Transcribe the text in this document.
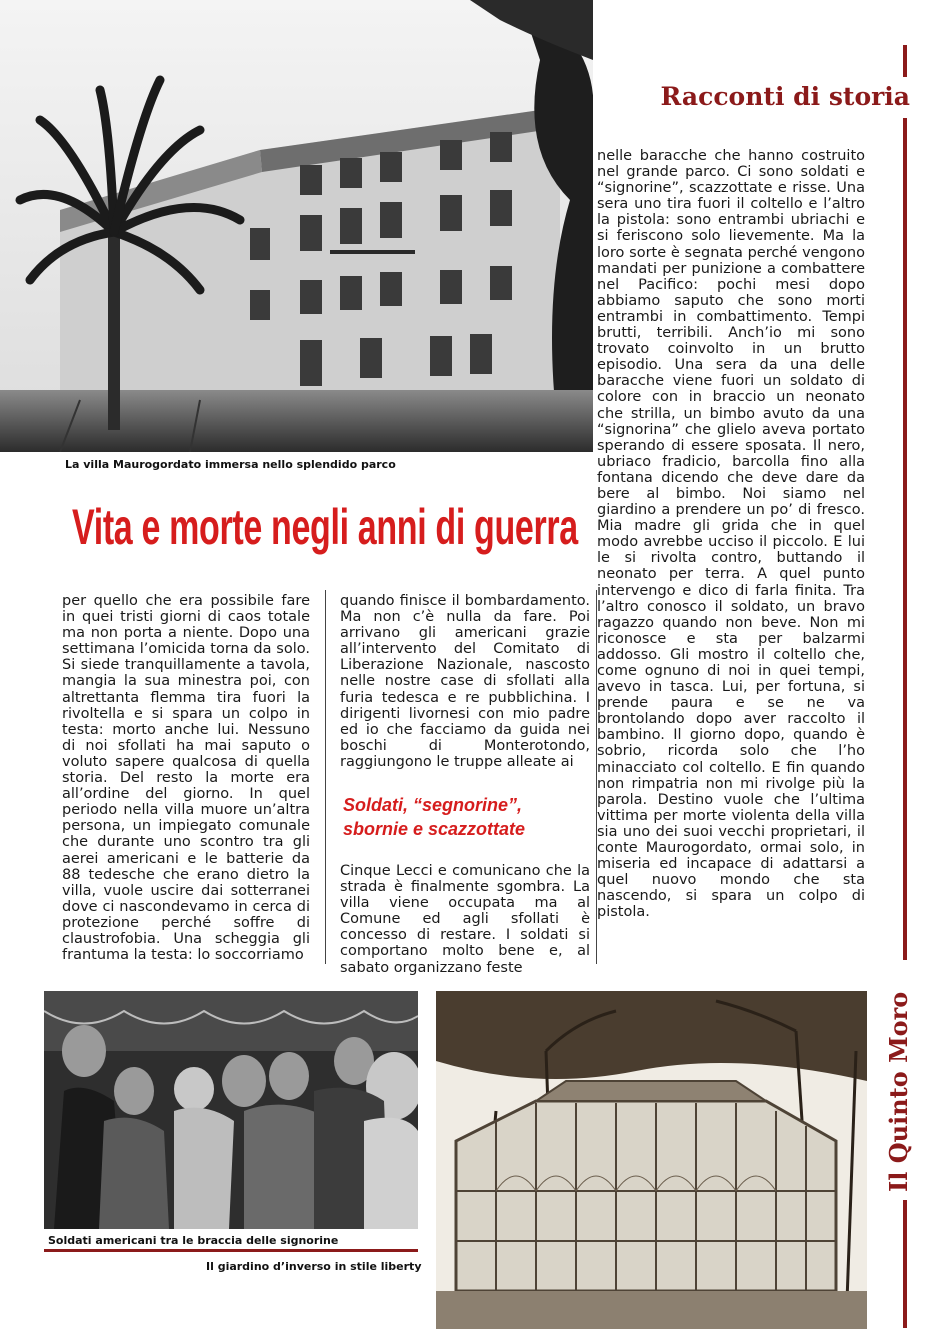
La villa Maurogordato immersa nello splendido parco
Racconti di storia
Il Quinto Moro
Vita e morte negli anni di guerra
per quello che era possibile fare in quei tristi giorni di caos totale ma non porta a niente. Dopo una settimana l’omicida torna da solo. Si siede tranquillamente a tavola, mangia la sua minestra poi, con altrettanta flemma tira fuori la rivoltella e si spara un colpo in testa: morto anche lui. Nessuno di noi sfollati ha mai saputo o voluto sapere qualcosa di quella storia. Del resto la morte era all’ordine del giorno. In quel periodo nella villa muore un’altra persona, un impiegato comunale che durante uno scontro tra gli aerei americani e le batterie da 88 tedesche che erano dietro la villa, vuole uscire dai sotterranei dove ci nascondevamo in cerca di protezione perché soffre di claustrofobia. Una scheggia gli frantuma la testa: lo soccorriamo
quando finisce il bombardamento. Ma non c’è nulla da fare. Poi arrivano gli americani grazie all’intervento del Comitato di Liberazione Nazionale, nascosto nelle nostre case di sfollati alla furia tedesca e re pubblichina. I dirigenti livornesi con mio padre ed io che facciamo da guida nei boschi di Monterotondo, raggiungono le truppe alleate ai
Soldati, “segnorine”,
sbornie e scazzottate
Cinque Lecci e comunicano che la strada è finalmente sgombra. La villa viene occupata ma al Comune ed agli sfollati è concesso di restare. I soldati si comportano molto bene e, al sabato organizzano feste
nelle baracche che hanno costruito nel grande parco. Ci sono soldati e “signorine”, scazzottate e risse. Una sera uno tira fuori il coltello e l’altro la pistola: sono entrambi ubriachi e si feriscono solo lievemente. Ma la loro sorte è segnata perché vengono mandati per punizione a combattere nel Pacifico: pochi mesi dopo abbiamo saputo che sono morti entrambi in combattimento. Tempi brutti, terribili. Anch’io mi sono trovato coinvolto in un brutto episodio. Una sera da una delle baracche viene fuori un soldato di colore con in braccio un neonato che strilla, un bimbo avuto da una “signorina” che glielo aveva portato sperando di essere sposata. Il nero, ubriaco fradicio, barcolla fino alla fontana dicendo che deve dare da bere al bimbo. Noi siamo nel giardino a prendere un po’ di fresco. Mia madre gli grida che in quel modo avrebbe ucciso il piccolo. E lui le si rivolta contro, buttando il neonato per terra. A quel punto intervengo e dico di farla finita. Tra l’altro conosco il soldato, un bravo ragazzo quando non beve. Non mi riconosce e sta per balzarmi addosso. Gli mostro il coltello che, come ognuno di noi in quei tempi, avevo in tasca. Lui, per fortuna, si prende paura e se ne va brontolando dopo aver raccolto il bambino. Il giorno dopo, quando è sobrio, ricorda solo che l’ho minacciato col coltello. E fin quando non rimpatria non mi rivolge più la parola. Destino vuole che l’ultima vittima per morte violenta della villa sia uno dei suoi vecchi proprietari, il conte Maurogordato, ormai solo, in miseria ed incapace di adattarsi a quel nuovo mondo che sta nascendo, si spara un colpo di pistola.
Soldati americani tra le braccia delle signorine
Il giardino d’inverso in stile liberty
